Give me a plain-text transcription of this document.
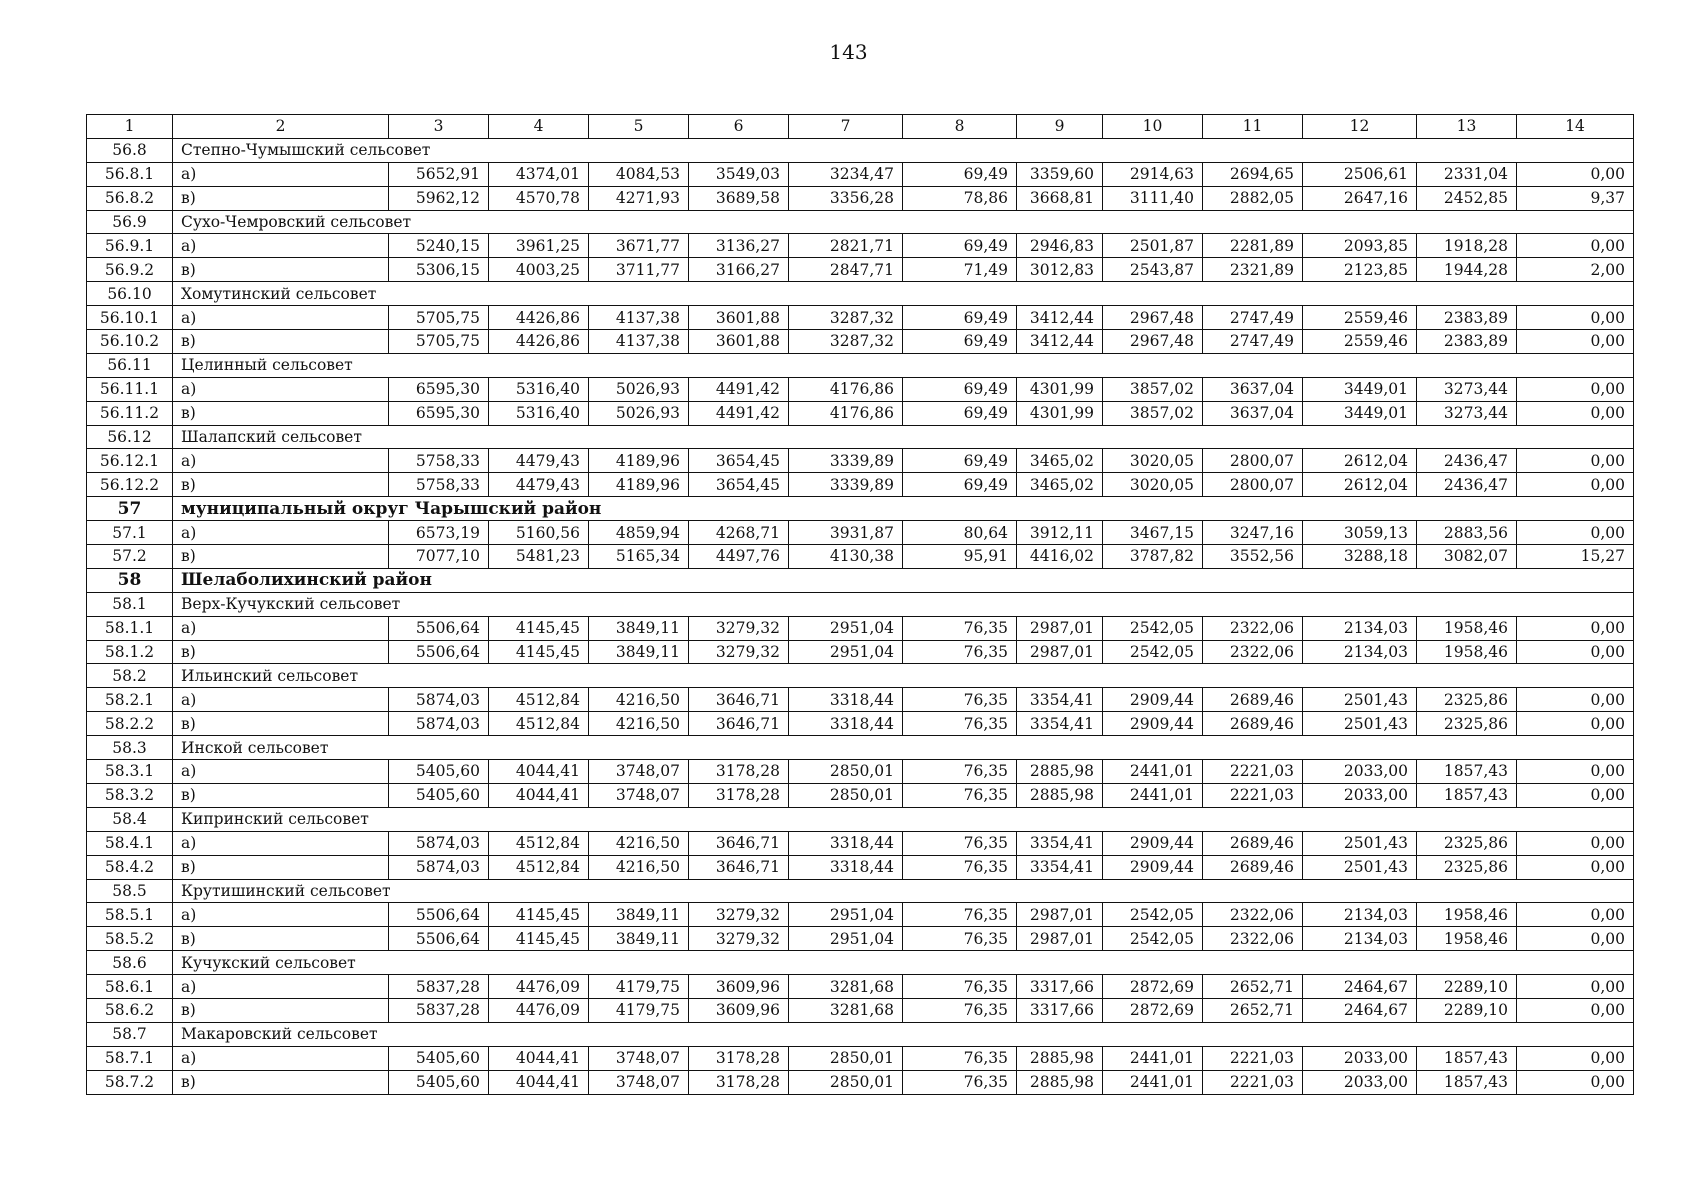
143
1	2	3	4	5	6	7	8	9	10	11	12	13	14
56.8	Степно-Чумышский сельсовет												
56.8.1	а)	5652,91	4374,01	4084,53	3549,03	3234,47	69,49	3359,60	2914,63	2694,65	2506,61	2331,04	0,00
56.8.2	в)	5962,12	4570,78	4271,93	3689,58	3356,28	78,86	3668,81	3111,40	2882,05	2647,16	2452,85	9,37
56.9	Сухо-Чемровский сельсовет												
56.9.1	а)	5240,15	3961,25	3671,77	3136,27	2821,71	69,49	2946,83	2501,87	2281,89	2093,85	1918,28	0,00
56.9.2	в)	5306,15	4003,25	3711,77	3166,27	2847,71	71,49	3012,83	2543,87	2321,89	2123,85	1944,28	2,00
56.10	Хомутинский сельсовет												
56.10.1	а)	5705,75	4426,86	4137,38	3601,88	3287,32	69,49	3412,44	2967,48	2747,49	2559,46	2383,89	0,00
56.10.2	в)	5705,75	4426,86	4137,38	3601,88	3287,32	69,49	3412,44	2967,48	2747,49	2559,46	2383,89	0,00
56.11	Целинный сельсовет												
56.11.1	а)	6595,30	5316,40	5026,93	4491,42	4176,86	69,49	4301,99	3857,02	3637,04	3449,01	3273,44	0,00
56.11.2	в)	6595,30	5316,40	5026,93	4491,42	4176,86	69,49	4301,99	3857,02	3637,04	3449,01	3273,44	0,00
56.12	Шалапский сельсовет												
56.12.1	а)	5758,33	4479,43	4189,96	3654,45	3339,89	69,49	3465,02	3020,05	2800,07	2612,04	2436,47	0,00
56.12.2	в)	5758,33	4479,43	4189,96	3654,45	3339,89	69,49	3465,02	3020,05	2800,07	2612,04	2436,47	0,00
57	муниципальный округ Чарышский район												
57.1	а)	6573,19	5160,56	4859,94	4268,71	3931,87	80,64	3912,11	3467,15	3247,16	3059,13	2883,56	0,00
57.2	в)	7077,10	5481,23	5165,34	4497,76	4130,38	95,91	4416,02	3787,82	3552,56	3288,18	3082,07	15,27
58	Шелаболихинский район												
58.1	Верх-Кучукский сельсовет												
58.1.1	а)	5506,64	4145,45	3849,11	3279,32	2951,04	76,35	2987,01	2542,05	2322,06	2134,03	1958,46	0,00
58.1.2	в)	5506,64	4145,45	3849,11	3279,32	2951,04	76,35	2987,01	2542,05	2322,06	2134,03	1958,46	0,00
58.2	Ильинский сельсовет												
58.2.1	а)	5874,03	4512,84	4216,50	3646,71	3318,44	76,35	3354,41	2909,44	2689,46	2501,43	2325,86	0,00
58.2.2	в)	5874,03	4512,84	4216,50	3646,71	3318,44	76,35	3354,41	2909,44	2689,46	2501,43	2325,86	0,00
58.3	Инской сельсовет												
58.3.1	а)	5405,60	4044,41	3748,07	3178,28	2850,01	76,35	2885,98	2441,01	2221,03	2033,00	1857,43	0,00
58.3.2	в)	5405,60	4044,41	3748,07	3178,28	2850,01	76,35	2885,98	2441,01	2221,03	2033,00	1857,43	0,00
58.4	Кипринский сельсовет												
58.4.1	а)	5874,03	4512,84	4216,50	3646,71	3318,44	76,35	3354,41	2909,44	2689,46	2501,43	2325,86	0,00
58.4.2	в)	5874,03	4512,84	4216,50	3646,71	3318,44	76,35	3354,41	2909,44	2689,46	2501,43	2325,86	0,00
58.5	Крутишинский сельсовет												
58.5.1	а)	5506,64	4145,45	3849,11	3279,32	2951,04	76,35	2987,01	2542,05	2322,06	2134,03	1958,46	0,00
58.5.2	в)	5506,64	4145,45	3849,11	3279,32	2951,04	76,35	2987,01	2542,05	2322,06	2134,03	1958,46	0,00
58.6	Кучукский сельсовет												
58.6.1	а)	5837,28	4476,09	4179,75	3609,96	3281,68	76,35	3317,66	2872,69	2652,71	2464,67	2289,10	0,00
58.6.2	в)	5837,28	4476,09	4179,75	3609,96	3281,68	76,35	3317,66	2872,69	2652,71	2464,67	2289,10	0,00
58.7	Макаровский сельсовет												
58.7.1	а)	5405,60	4044,41	3748,07	3178,28	2850,01	76,35	2885,98	2441,01	2221,03	2033,00	1857,43	0,00
58.7.2	в)	5405,60	4044,41	3748,07	3178,28	2850,01	76,35	2885,98	2441,01	2221,03	2033,00	1857,43	0,00
